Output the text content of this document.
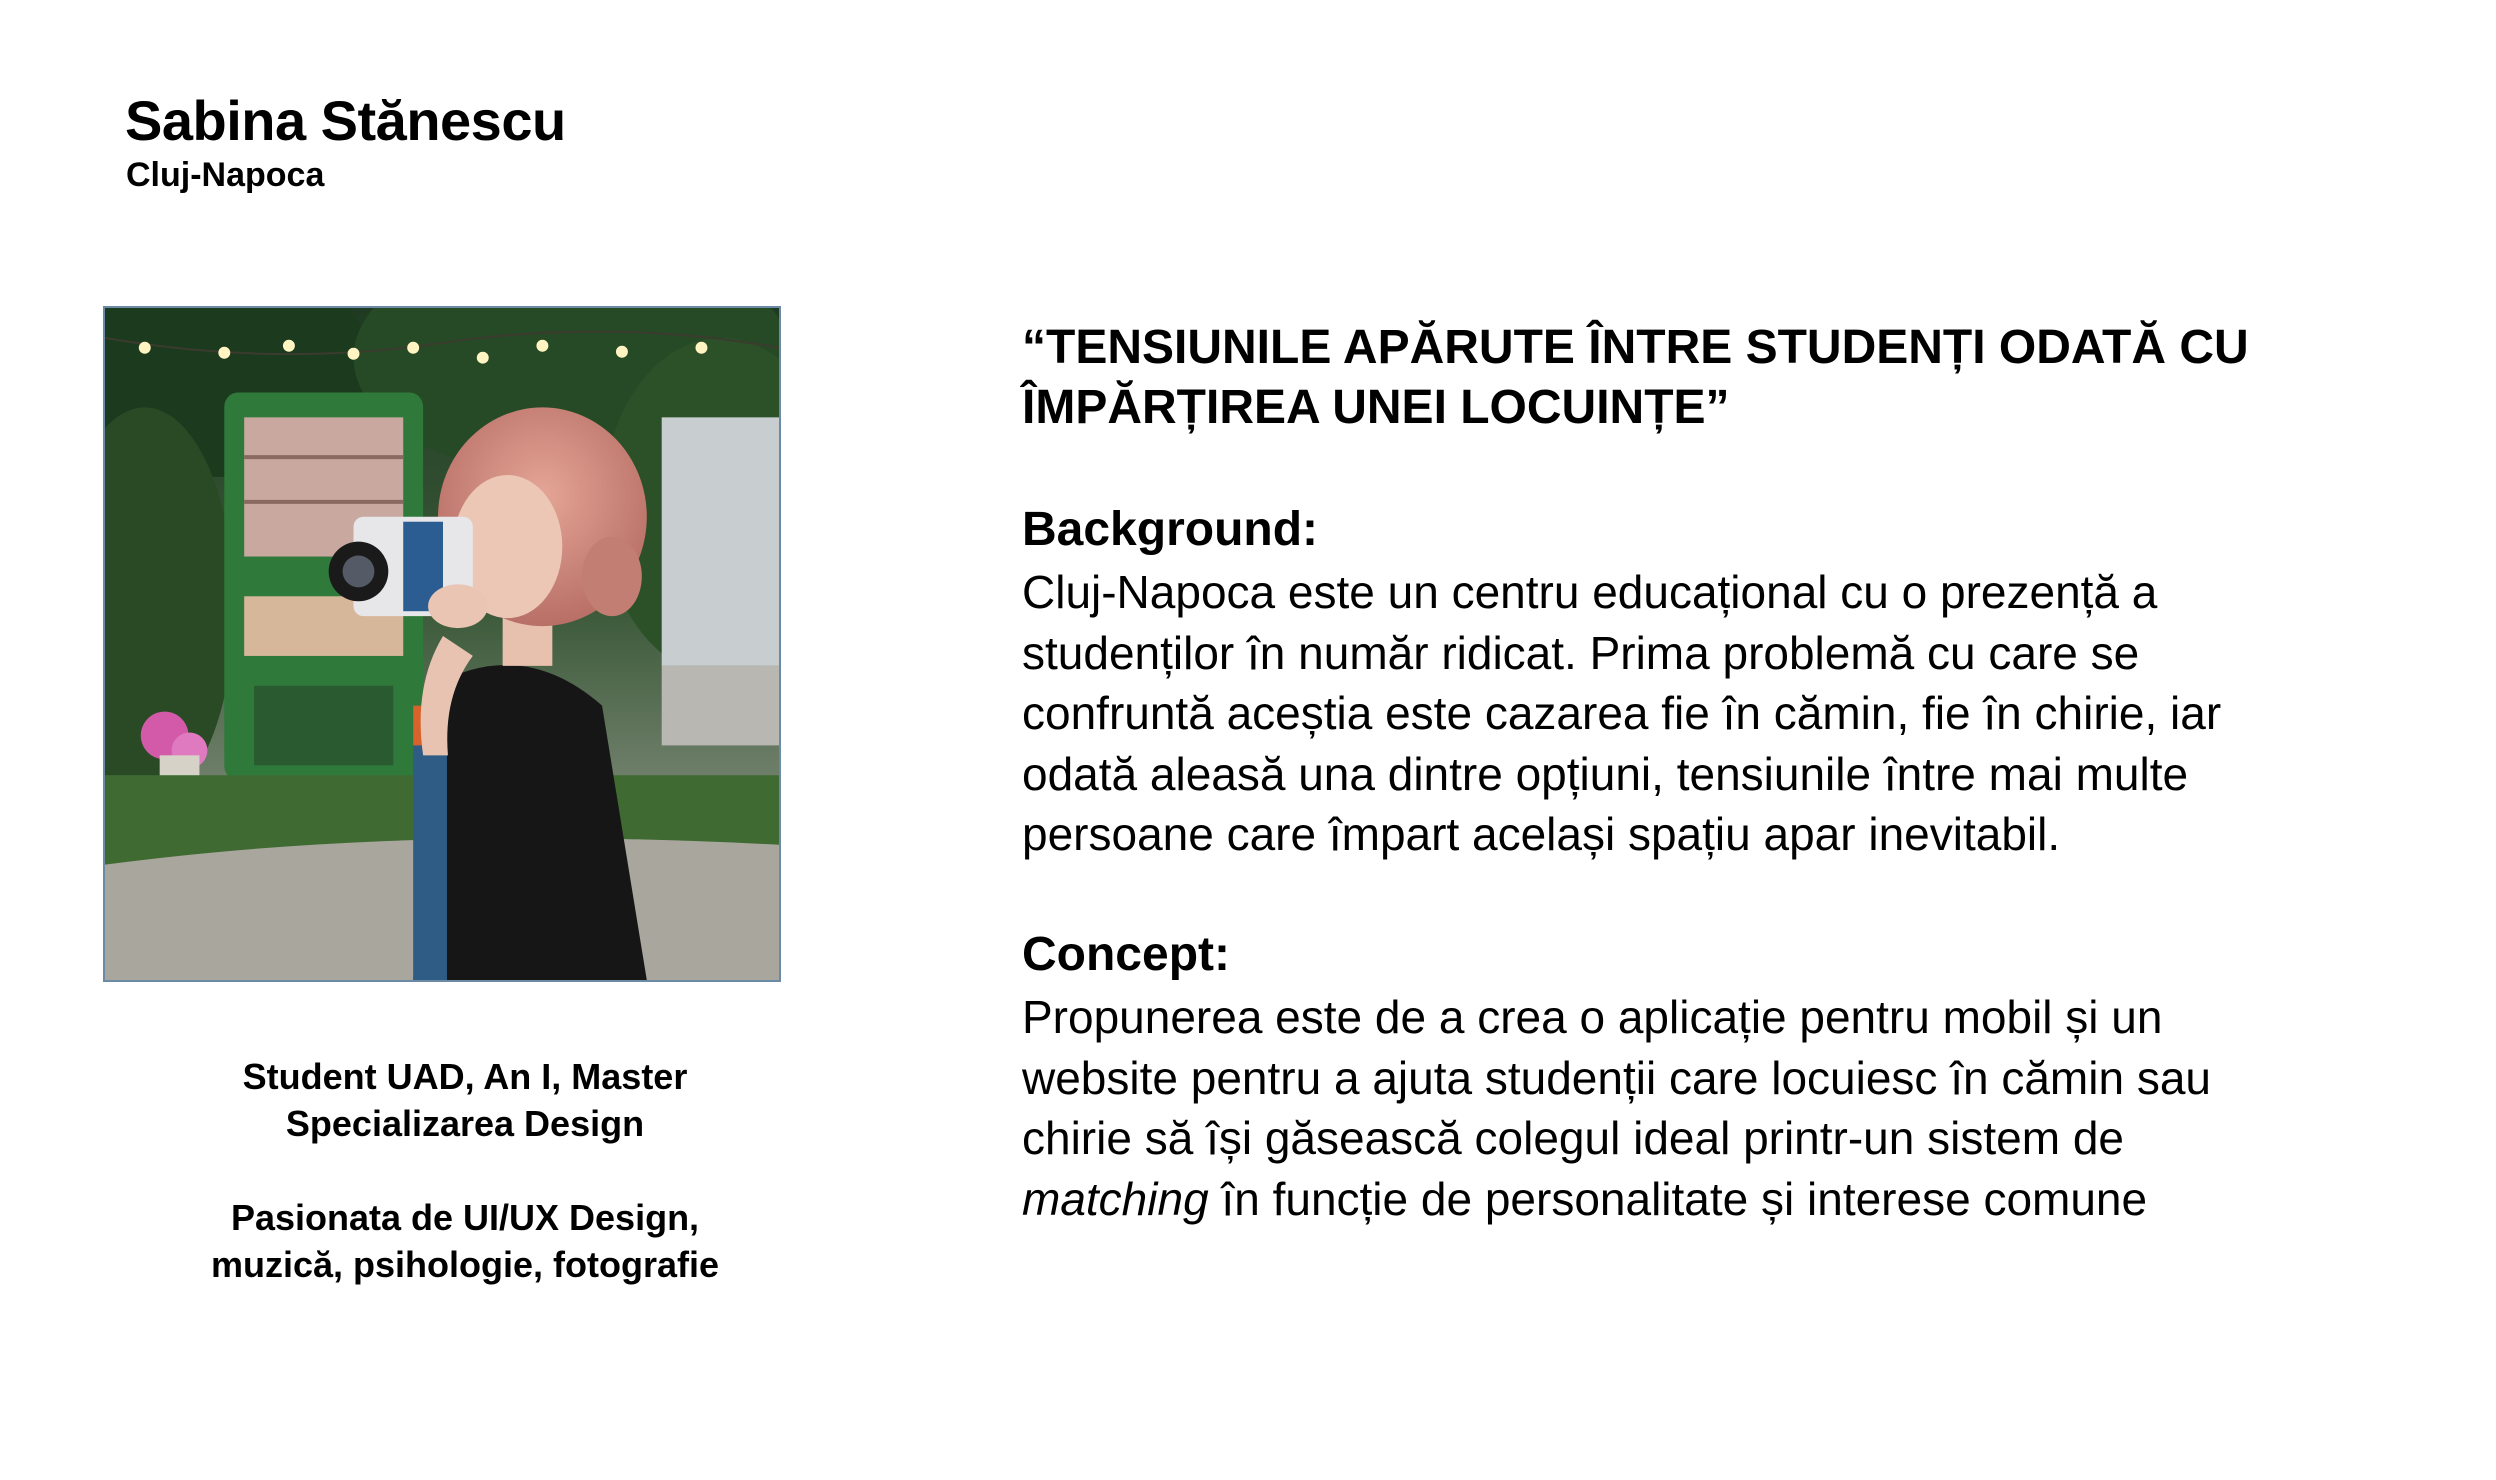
Sabina Stănescu
Cluj-Napoca
Student UAD, An I, Master
Specializarea Design
Pasionata de UI/UX Design,
muzică, psihologie, fotografie
“TENSIUNILE APĂRUTE ÎNTRE STUDENȚI ODATĂ CU
ÎMPĂRȚIREA UNEI LOCUINȚE”
Background:
Cluj-Napoca este un centru educațional cu o prezență a
studenților în număr ridicat. Prima problemă cu care se
confruntă aceștia este cazarea fie în cămin, fie în chirie, iar
odată aleasă una dintre opțiuni, tensiunile între mai multe
persoane care împart același spațiu apar inevitabil.
Concept:
Propunerea este de a crea o aplicație pentru mobil și un
website pentru a ajuta studenții care locuiesc în cămin sau
chirie să își găsească colegul ideal printr-un sistem de
matching în funcție de personalitate și interese comune
